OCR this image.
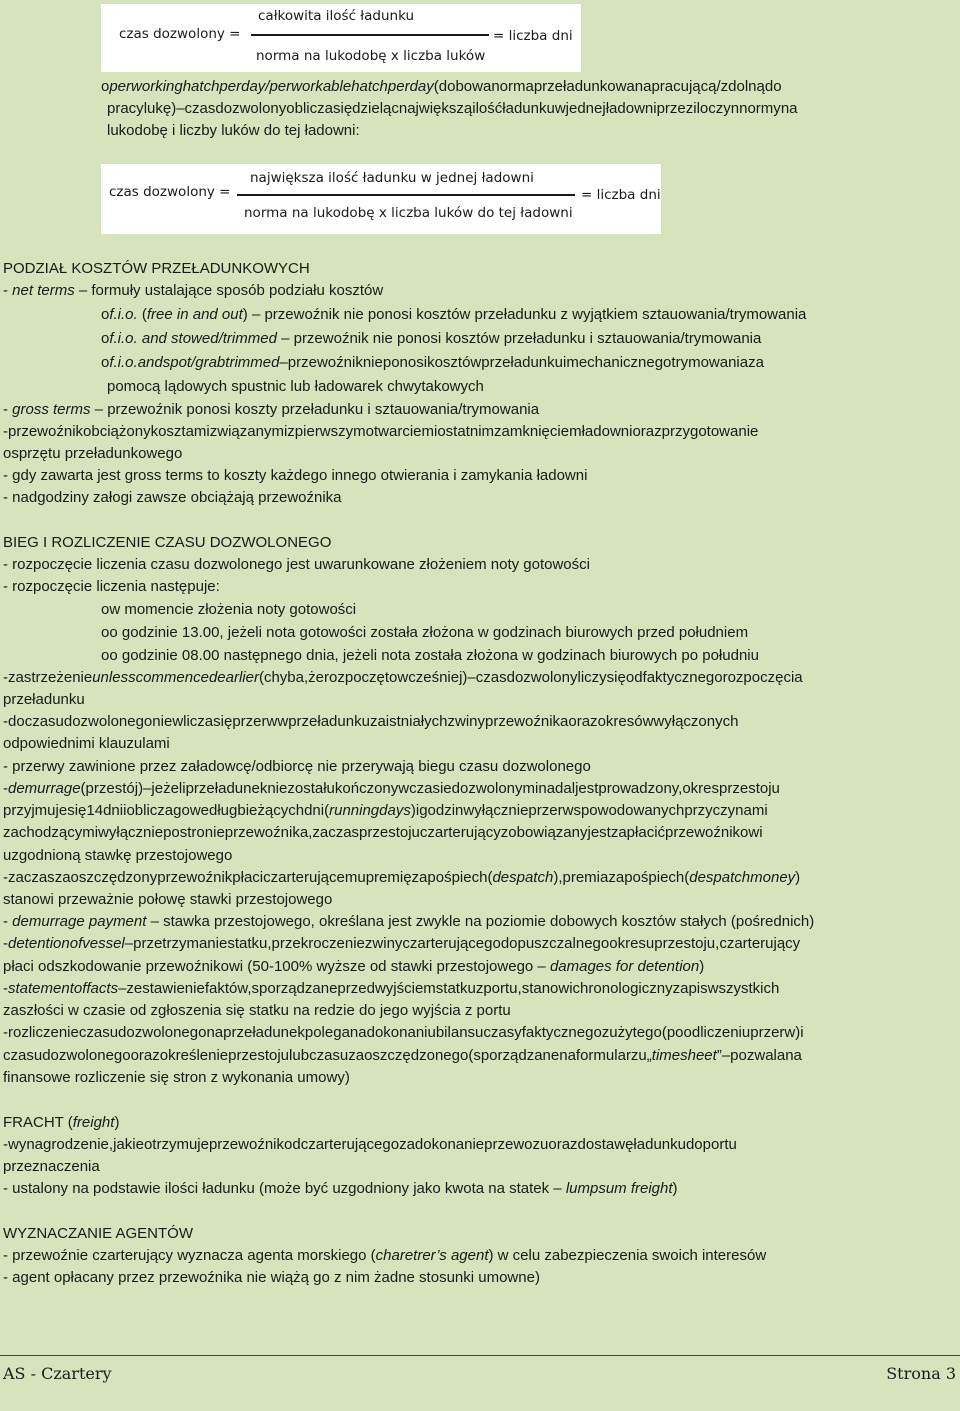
czas dozwolony =
całkowita ilość ładunku
norma na lukodobę x liczba luków
= liczba dni
czas dozwolony =
największa ilość ładunku w jednej ładowni
norma na lukodobę x liczba luków do tej ładowni
= liczba dni
oper working hatch per day/per workable hatch per day (dobowa norma przeładunkowa na pracującą/zdolną do
pracy lukę) – czas dozwolony oblicza się dzieląc największą ilość ładunku w jednej ładowni przez iloczyn normy na
lukodobę i liczby luków do tej ładowni:
PODZIAŁ KOSZTÓW PRZEŁADUNKOWYCH
- net terms – formuły ustalające sposób podziału kosztów
of.i.o. (free in and out) – przewoźnik nie ponosi kosztów przeładunku z wyjątkiem sztauowania/trymowania
of.i.o. and stowed/trimmed – przewoźnik nie ponosi kosztów przeładunku i sztauowania/trymowania
of.i.o. and spot/grab trimmed – przewoźnik nie ponosi kosztów przeładunku i mechanicznego trymowania za
pomocą lądowych spustnic lub ładowarek chwytakowych
- gross terms – przewoźnik ponosi koszty przeładunku i sztauowania/trymowania
- przewoźnik obciążony kosztami związanymi z pierwszym otwarciem i ostatnim zamknięciem ładowni oraz przygotowanie
osprzętu przeładunkowego
- gdy zawarta jest gross terms to koszty każdego innego otwierania i zamykania ładowni
- nadgodziny załogi zawsze obciążają przewoźnika
BIEG I ROZLICZENIE CZASU DOZWOLONEGO
- rozpoczęcie liczenia czasu dozwolonego jest uwarunkowane złożeniem noty gotowości
- rozpoczęcie liczenia następuje:
ow momencie złożenia noty gotowości
oo godzinie 13.00, jeżeli nota gotowości została złożona w godzinach biurowych przed południem
oo godzinie 08.00 następnego dnia, jeżeli nota została złożona w godzinach biurowych po południu
- zastrzeżenie unless commenced earlier (chyba, że rozpoczęto wcześniej) – czas dozwolony liczy się od faktycznego rozpoczęcia
przeładunku
- do czasu dozwolonego nie wlicza się przerw w przeładunku zaistniałych z winy przewoźnika oraz okresów wyłączonych
odpowiednimi klauzulami
- przerwy zawinione przez załadowcę/odbiorcę nie przerywają biegu czasu dozwolonego
- demurrage (przestój) – jeżeli przeładunek nie został ukończony w czasie dozwolonym i nadal jest prowadzony, okres przestoju
przyjmuje się 14 dni i oblicza go według bieżących dni (running days) i godzin wyłącznie przerw spowodowanych przyczynami
zachodzącymi wyłącznie po stronie przewoźnika, za czas przestoju czarterujący zobowiązany jest zapłacić przewoźnikowi
uzgodnioną stawkę przestojowego
- za czas zaoszczędzony przewoźnik płaci czarterującemu premię za pośpiech (despatch), premia za pośpiech (despatch money)
stanowi przeważnie połowę stawki przestojowego
- demurrage payment – stawka przestojowego, określana jest zwykle na poziomie dobowych kosztów stałych (pośrednich)
- detention of vessel – przetrzymanie statku, przekroczenie z winy czarterującego dopuszczalnego okresu przestoju, czarterujący
płaci odszkodowanie przewoźnikowi (50-100% wyższe od stawki przestojowego – damages for detention)
- statement of facts – zestawienie faktów, sporządzane przed wyjściem statku z portu, stanowi chronologiczny zapis wszystkich
zaszłości w czasie od zgłoszenia się statku na redzie do jego wyjścia z portu
-rozliczenie czasu dozwolonego na przeładunek polega na dokonaniu bilansu czasy faktycznego zużytego (po odliczeniu przerw) i
czasu dozwolonego oraz określenie przestoju lub czasu zaoszczędzonego (sporządzane na formularzu „time sheet” – pozwala na
finansowe rozliczenie się stron z wykonania umowy)
FRACHT (freight)
- wynagrodzenie, jakie otrzymuje przewoźnik od czarterującego za dokonanie przewozu oraz dostawę ładunku do portu
przeznaczenia
- ustalony na podstawie ilości ładunku (może być uzgodniony jako kwota na statek – lumpsum freight)
WYZNACZANIE AGENTÓW
- przewoźnie czarterujący wyznacza agenta morskiego (charetrer’s agent) w celu zabezpieczenia swoich interesów
- agent opłacany przez przewoźnika nie wiążą go z nim żadne stosunki umowne)
AS - Czartery	Strona 3
